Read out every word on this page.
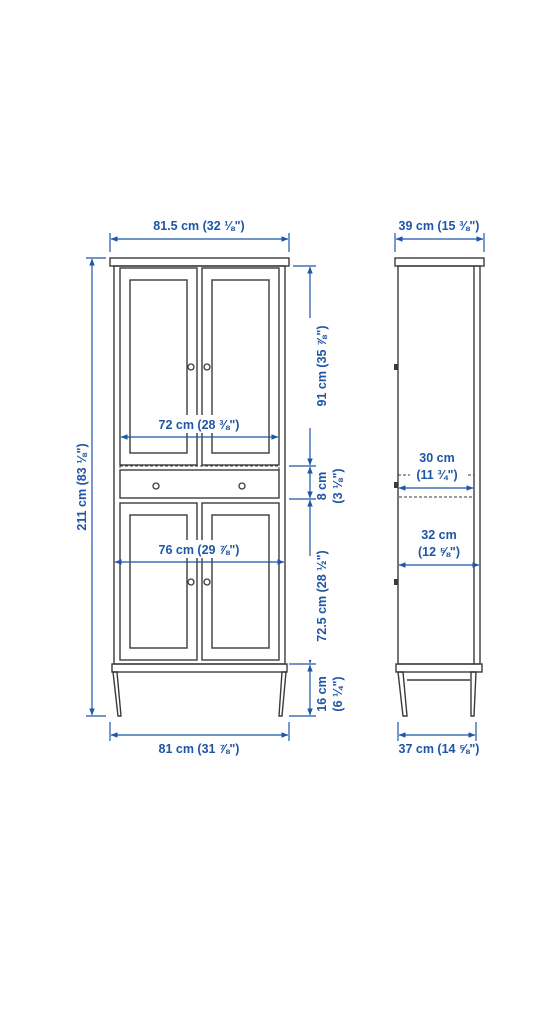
81.5 cm (32 ⅛")
211 cm (83 ⅛")
91 cm (35 ⅞")
8 cm (3 ⅛")
72 cm (28 ⅜")
76 cm (29 ⅞")
72.5 cm (28 ½")
16 cm (6 ¼")
81 cm (31 ⅞")
39 cm (15 ⅜")
30 cm
(11 ¾")
32 cm
(12 ⅝")
37 cm (14 ⅝")
